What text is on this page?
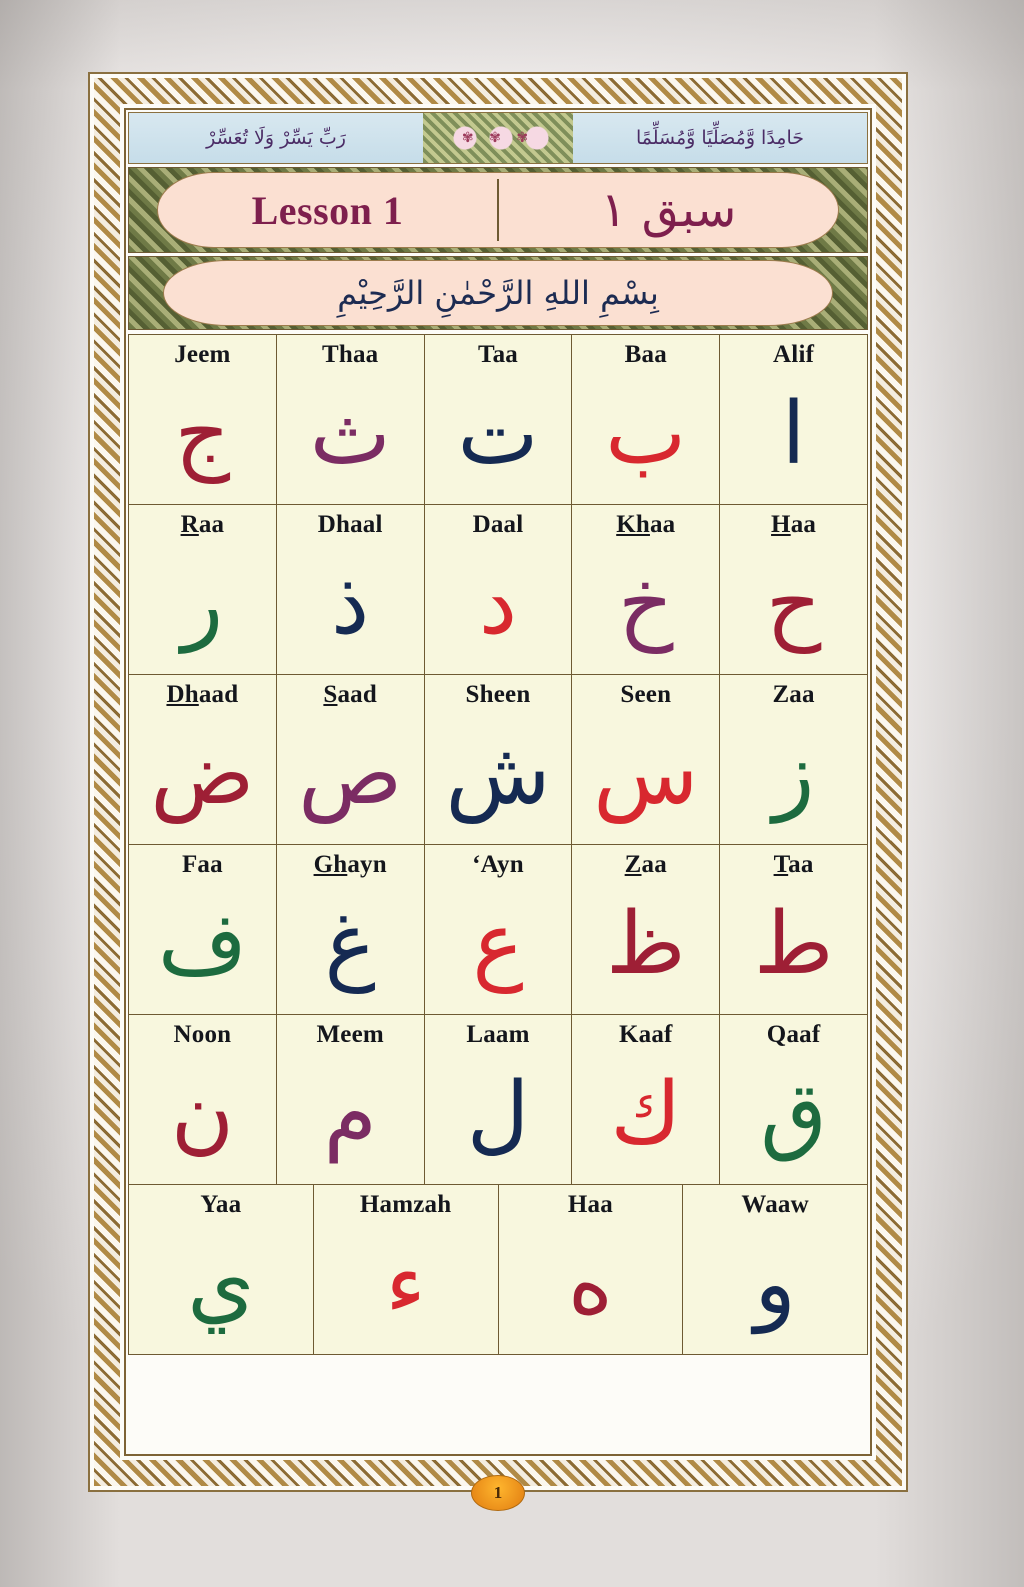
رَبِّ يَسِّرْ وَلَا تُعَسِّرْ ✾ ✾ ✾	حَامِدًا وَّمُصَلِّيًا وَّمُسَلِّمًا
Lesson 1	سبق ١
بِسْمِ اللهِ الرَّحْمٰنِ الرَّحِيْمِ
Jeem
ج
Thaa
ث
Taa
ت
Baa
ب
Alif
ا
Raa
ر
Dhaal
ذ
Daal
د
Khaa
خ
Haa
ح
Dhaad
ض
Saad
ص
Sheen
ش
Seen
س
Zaa
ز
Faa
ف
Ghayn
غ
‘Ayn
ع
Zaa
ظ
Taa
ط
Noon
ن
Meem
م
Laam
ل
Kaaf
ك
Qaaf
ق
Yaa
ي
Hamzah
ء
Haa
ه
Waaw
و
1
